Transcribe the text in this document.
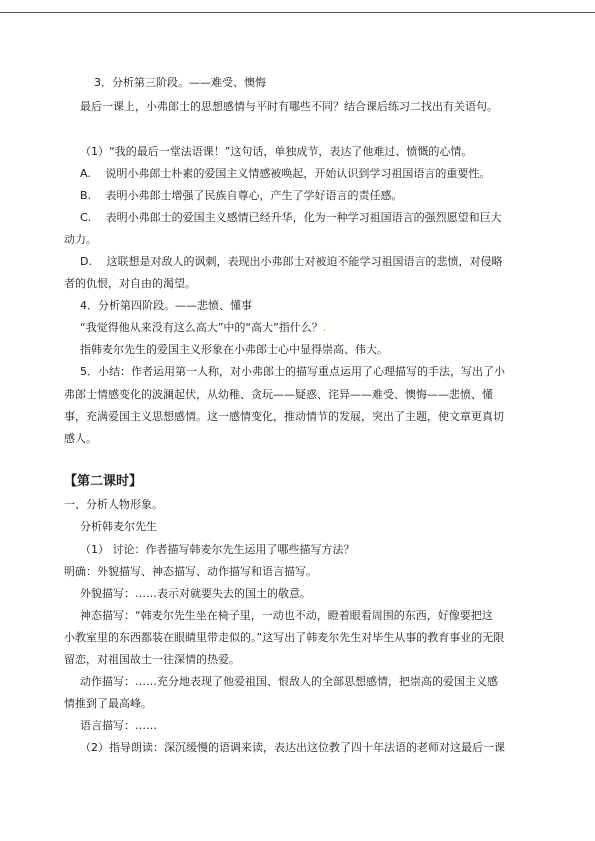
3．分析第三阶段。——难受、懊悔
最后一课上，小弗郎士的思想感情与平时有哪些不同？结合课后练习二找出有关语句。
（1）“我的最后一堂法语课！”这句话，单独成节，表达了他难过、愤慨的心情。
A.　 说明小弗郎士朴素的爱国主义情感被唤起，开始认识到学习祖国语言的重要性。
B.　 表明小弗郎士增强了民族自尊心，产生了学好语言的责任感。
C.　 表明小弗郎士的爱国主义感情已经升华，化为一种学习祖国语言的强烈愿望和巨大
动力。
D.　 这联想是对敌人的讽刺，表现出小弗郎士对被迫不能学习祖国语言的悲愤，对侵略
者的仇恨，对自由的渴望。
4．分析第四阶段。——悲愤、懂事
“我觉得他从来没有这么高大”中的“高大”指什么？.
指韩麦尔先生的爱国主义形象在小弗郎士心中显得崇高、伟大。
5．小结：作者运用第一人称，对小弗郎士的描写重点运用了心理描写的手法，写出了小
弗郎士情感变化的波澜起伏，从幼稚、贪玩——疑惑、诧异——难受、懊悔——悲愤、懂
事，充满爱国主义思想感情。这一感情变化，推动情节的发展，突出了主题，使文章更真切
感人。
【第二课时】
一、分析人物形象。
分析韩麦尔先生
（1） 讨论：作者描写韩麦尔先生运用了哪些描写方法？
明确：外貌描写、神态描写、动作描写和语言描写。
外貌描写：……表示对就要失去的国土的敬意。
神态描写：“韩麦尔先生坐在椅子里，一动也不动，瞪着眼看周围的东西，好像要把这
小教室里的东西都装在眼睛里带走似的。”这写出了韩麦尔先生对毕生从事的教育事业的无限
留恋，对祖国故土一往深情的热爱。
动作描写：……充分地表现了他爱祖国、恨敌人的全部思想感情，把崇高的爱国主义感
情推到了最高峰。
语言描写：……
（2）指导朗读：深沉缓慢的语调来读，表达出这位教了四十年法语的老师对这最后一课
